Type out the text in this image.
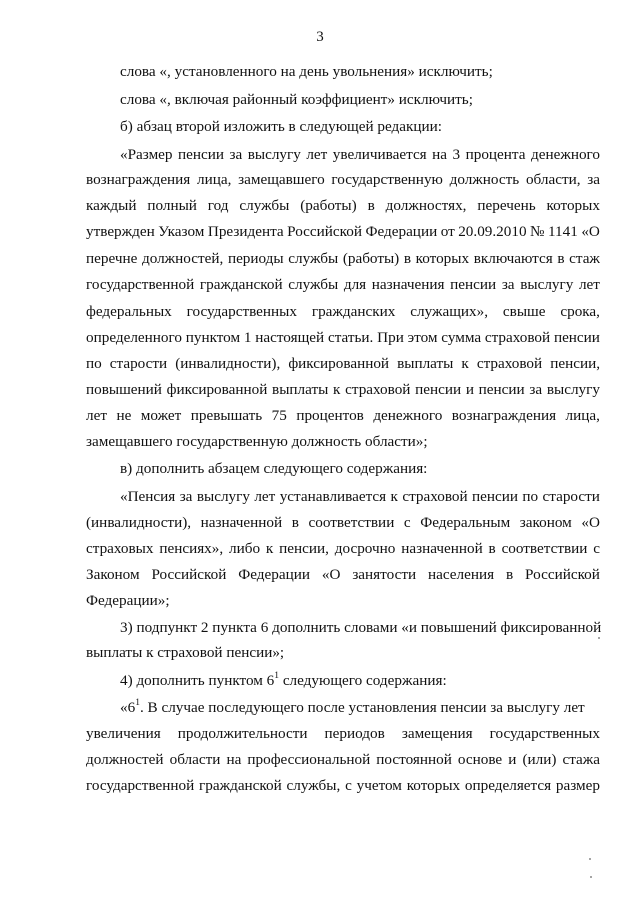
3
слова «, установленного на день увольнения» исключить;
слова «, включая районный коэффициент» исключить;
б) абзац второй изложить в следующей редакции:
«Размер пенсии за выслугу лет увеличивается на 3 процента денежного
вознаграждения лица, замещавшего государственную должность области, за
каждый полный год службы (работы) в должностях, перечень которых
утвержден Указом Президента Российской Федерации от 20.09.2010 № 1141 «О
перечне должностей, периоды службы (работы) в которых включаются в стаж
государственной гражданской службы для назначения пенсии за выслугу лет
федеральных государственных гражданских служащих», свыше срока,
определенного пунктом 1 настоящей статьи. При этом сумма страховой пенсии
по старости (инвалидности), фиксированной выплаты к страховой пенсии,
повышений фиксированной выплаты к страховой пенсии и пенсии за выслугу
лет не может превышать 75 процентов денежного вознаграждения лица,
замещавшего государственную должность области»;
в) дополнить абзацем следующего содержания:
«Пенсия за выслугу лет устанавливается к страховой пенсии по старости
(инвалидности), назначенной в соответствии с Федеральным законом «О
страховых пенсиях», либо к пенсии, досрочно назначенной в соответствии с
Законом Российской Федерации «О занятости населения в Российской
Федерации»;
3) подпункт 2 пункта 6 дополнить словами «и повышений фиксированной
выплаты к страховой пенсии»;
4) дополнить пунктом $6^1$ следующего содержания:
«$6^1$. В случае последующего после установления пенсии за выслугу лет
увеличения продолжительности периодов замещения государственных
должностей области на профессиональной постоянной основе и (или) стажа
государственной гражданской службы, с учетом которых определяется размер
